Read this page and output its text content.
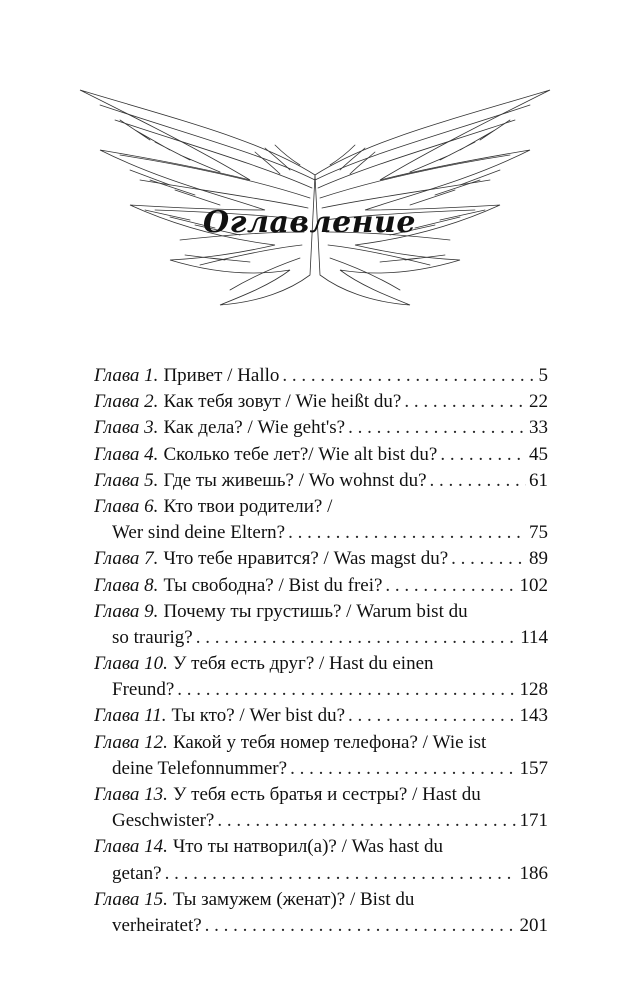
Оглавление
Глава 1. Привет / Hallo . . .	5
Глава 2. Как тебя зовут / Wie heißt du? . . .	22
Глава 3. Как дела? / Wie geht's? . . .	33
Глава 4. Сколько тебе лет?/ Wie alt bist du? . . .	45
Глава 5. Где ты живешь? / Wo wohnst du? . . .	61
Глава 6. Кто твои родители? /
Wer sind deine Eltern? . . .	75
Глава 7. Что тебе нравится? / Was magst du? . . .	89
Глава 8. Ты свободна? / Bist du frei? . . .	102
Глава 9. Почему ты грустишь? / Warum bist du
so traurig? . . .	114
Глава 10. У тебя есть друг? / Hast du einen
Freund? . . .	128
Глава 11. Ты кто? / Wer bist du? . . .	143
Глава 12. Какой у тебя номер телефона? / Wie ist
deine Telefonnummer? . . .	157
Глава 13. У тебя есть братья и сестры? / Hast du
Geschwister? . . .	171
Глава 14. Что ты натворил(а)? / Was hast du
getan? . . .	186
Глава 15. Ты замужем (женат)? / Bist du
verheiratet? . . .	201
